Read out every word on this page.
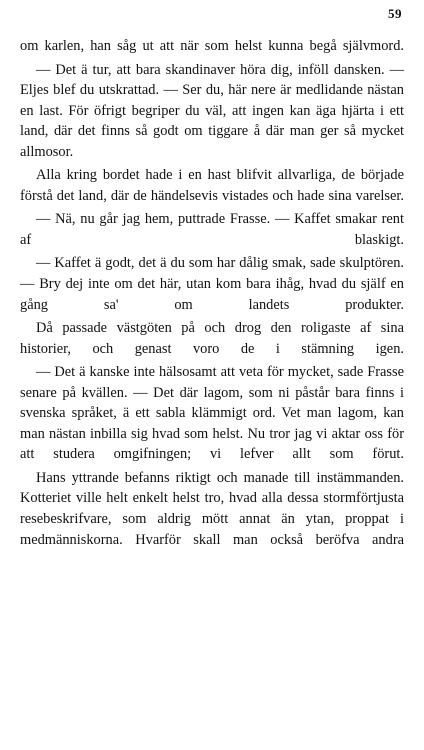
59

om karlen, han såg ut att när som helst kunna begå självmord.

— Det ä tur, att bara skandinaver höra dig, inföll dansken. — Eljes blef du utskrattad. — Ser du, här nere är medlidande nästan en last. För öfrigt begriper du väl, att ingen kan äga hjärta i ett land, där det finns så godt om tiggare å där man ger så mycket allmosor.

Alla kring bordet hade i en hast blifvit allvarliga, de började förstå det land, där de händelsevis vistades och hade sina varelser.

— Nä, nu går jag hem, puttrade Frasse. — Kaffet smakar rent af blaskigt.

— Kaffet ä godt, det ä du som har dålig smak, sade skulptören. — Bry dej inte om det här, utan kom bara ihåg, hvad du själf en gång sa' om landets produkter.

Då passade västgöten på och drog den roligaste af sina historier, och genast voro de i stämning igen.

— Det ä kanske inte hälsosamt att veta för mycket, sade Frasse senare på kvällen. — Det där lagom, som ni påstår bara finns i svenska språket, ä ett sabla klämmigt ord. Vet man lagom, kan man nästan inbilla sig hvad som helst. Nu tror jag vi aktar oss för att studera omgifningen; vi lefver allt som förut.

Hans yttrande befanns riktigt och manade till instämmanden. Kotteriet ville helt enkelt helst tro, hvad alla dessa stormförtjusta resebeskrifvare, som aldrig mött annat än ytan, proppat i medmänniskorna. Hvarför skall man också beröfva andra
